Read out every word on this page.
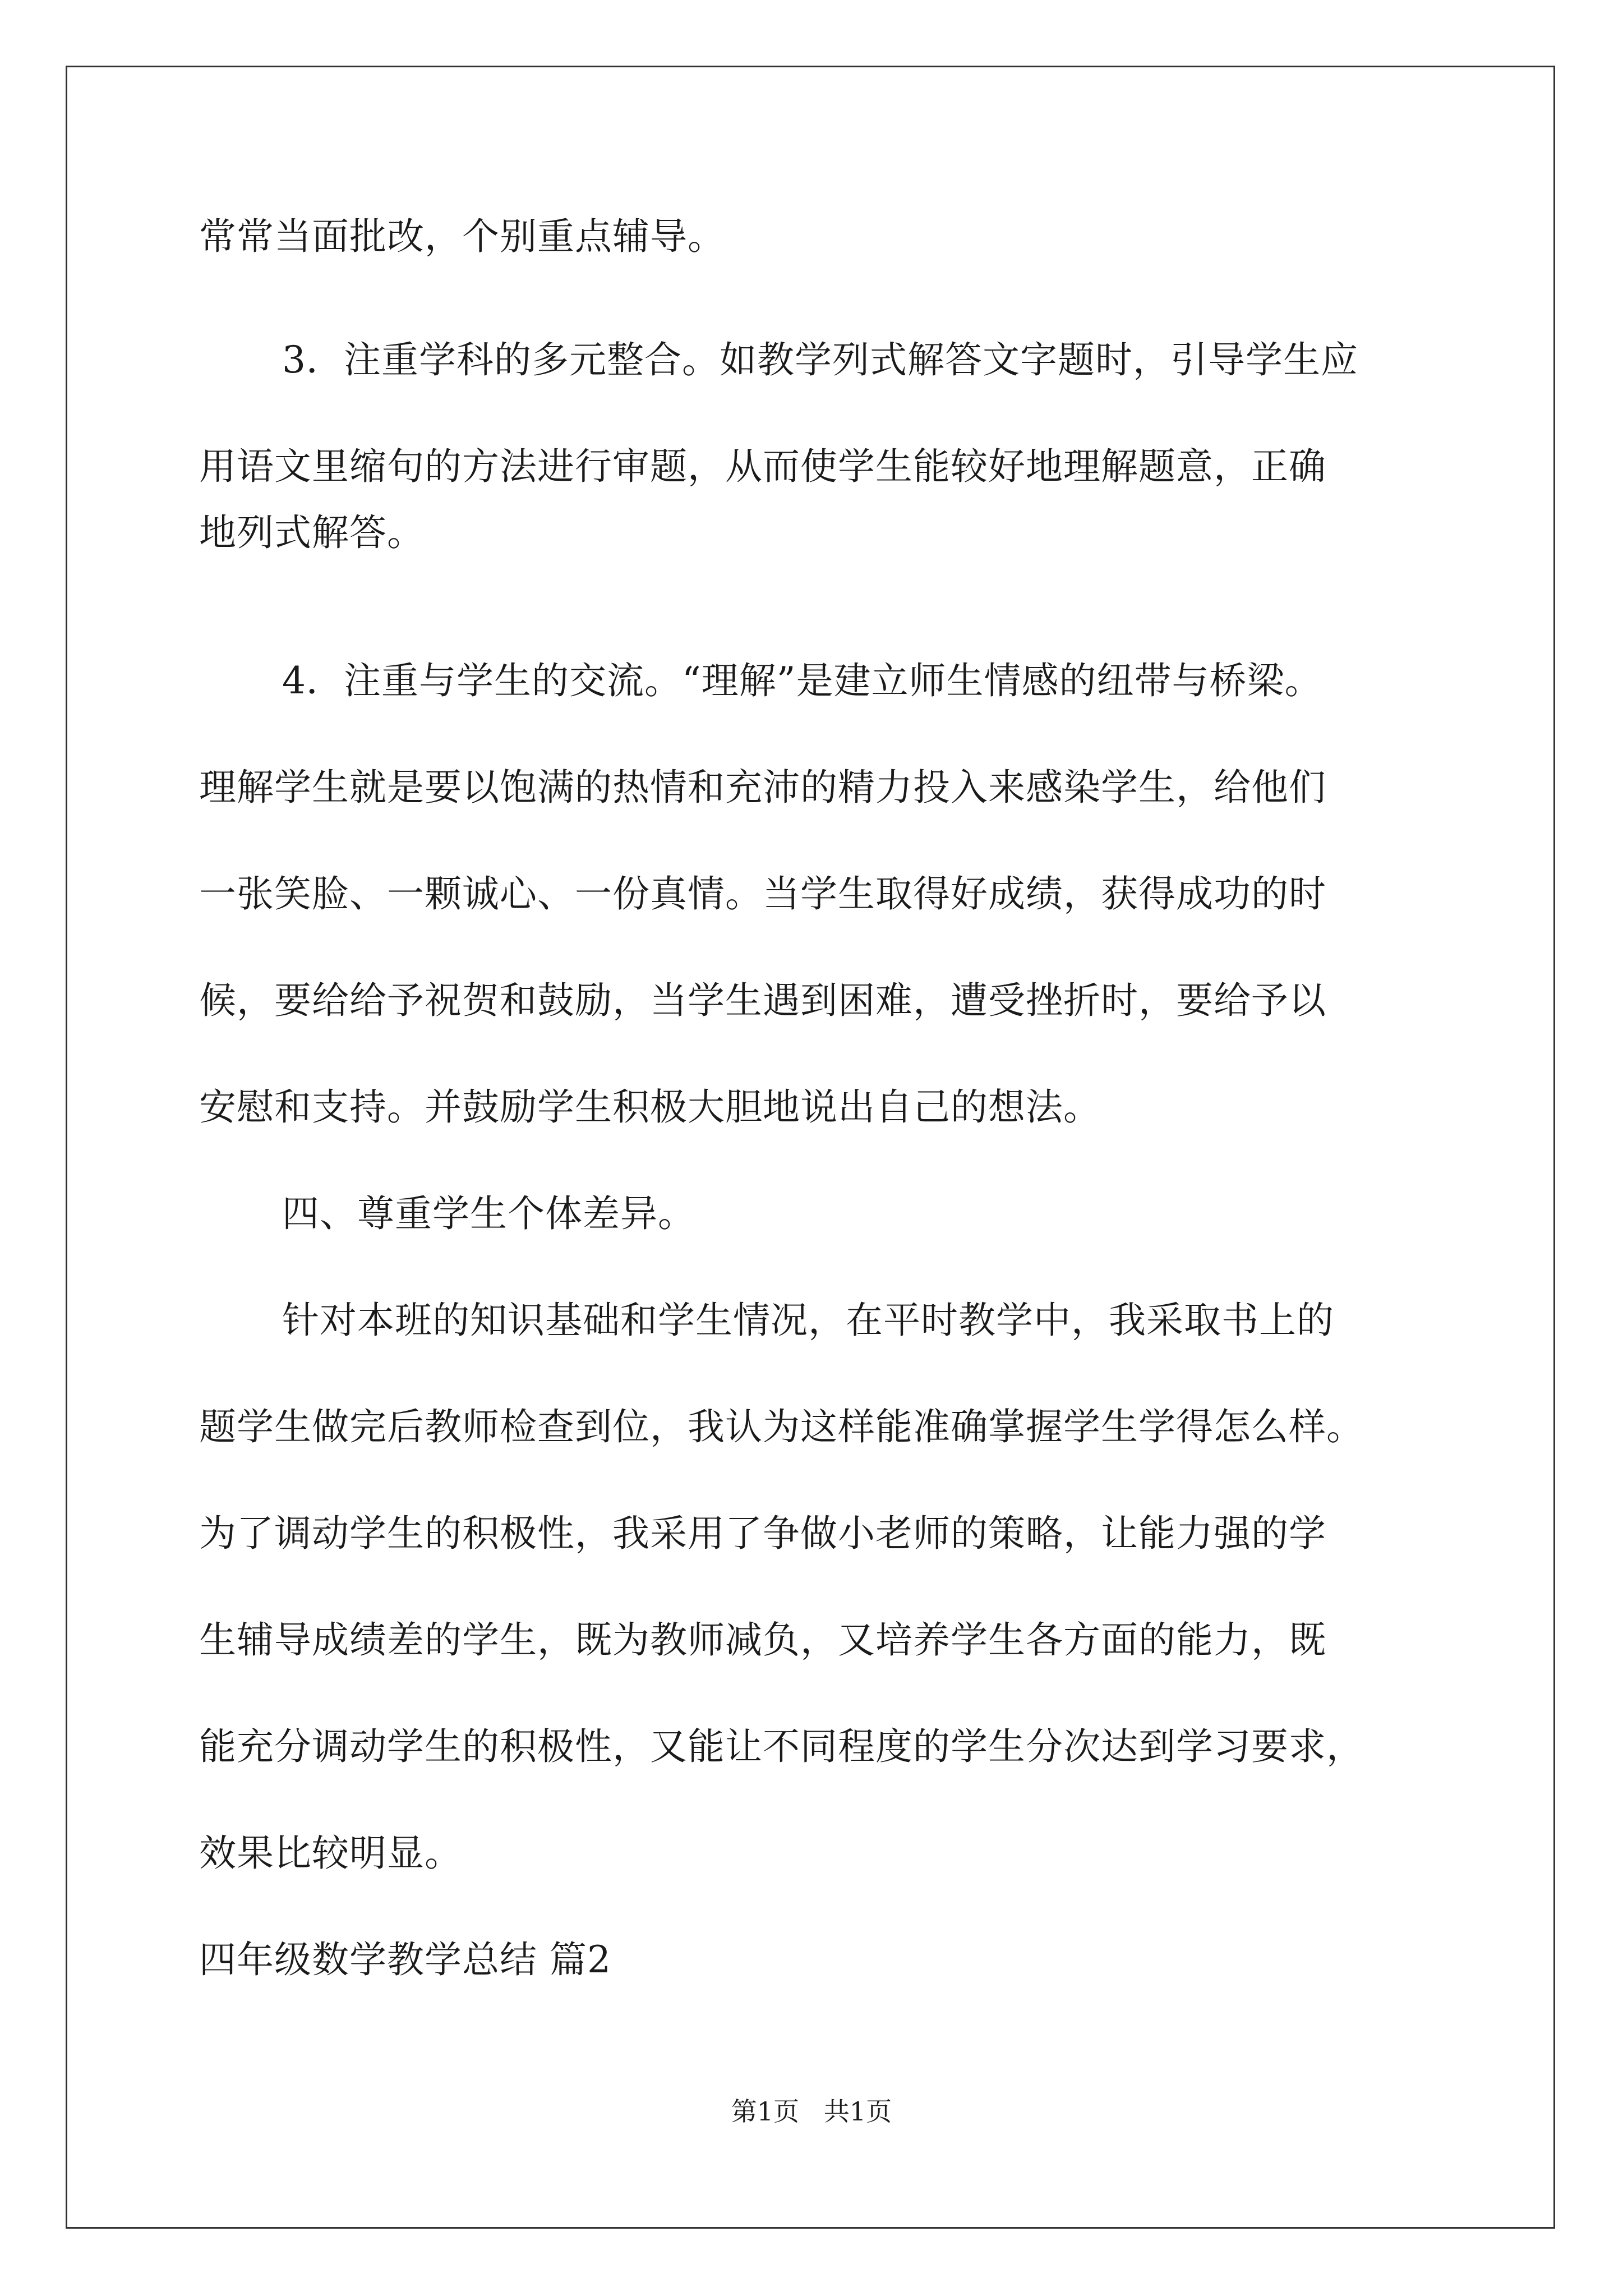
常常当面批改，个别重点辅导。
3．注重学科的多元整合。如教学列式解答文字题时，引导学生应
用语文里缩句的方法进行审题，从而使学生能较好地理解题意，正确
地列式解答。
4．注重与学生的交流。“理解”是建立师生情感的纽带与桥梁。
理解学生就是要以饱满的热情和充沛的精力投入来感染学生，给他们
一张笑脸、一颗诚心、一份真情。当学生取得好成绩，获得成功的时
候，要给给予祝贺和鼓励，当学生遇到困难，遭受挫折时，要给予以
安慰和支持。并鼓励学生积极大胆地说出自己的想法。
四、尊重学生个体差异。
针对本班的知识基础和学生情况，在平时教学中，我采取书上的
题学生做完后教师检查到位，我认为这样能准确掌握学生学得怎么样。
为了调动学生的积极性，我采用了争做小老师的策略，让能力强的学
生辅导成绩差的学生，既为教师减负，又培养学生各方面的能力，既
能充分调动学生的积极性，又能让不同程度的学生分次达到学习要求，
效果比较明显。
四年级数学教学总结 篇2
第1页   共1页
